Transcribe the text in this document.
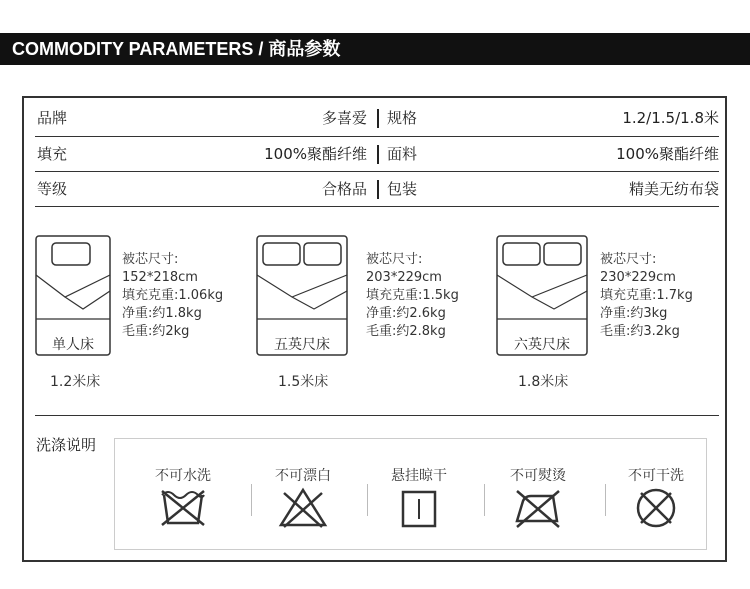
COMMODITY PARAMETERS / 商品参数
品牌	多喜爱 规格	1.2/1.5/1.8米
填充	100%聚酯纤维 面料	100%聚酯纤维
等级	合格品 包装	精美无纺布袋
单人床
1.2米床
被芯尺寸:
152*218cm
填充克重:1.06kg
净重:约1.8kg
毛重:约2kg
五英尺床
1.5米床
被芯尺寸:
203*229cm
填充克重:1.5kg
净重:约2.6kg
毛重:约2.8kg
六英尺床
1.8米床
被芯尺寸:
230*229cm
填充克重:1.7kg
净重:约3kg
毛重:约3.2kg
洗涤说明
不可水洗	不可漂白	悬挂晾干	不可熨烫	不可干洗
